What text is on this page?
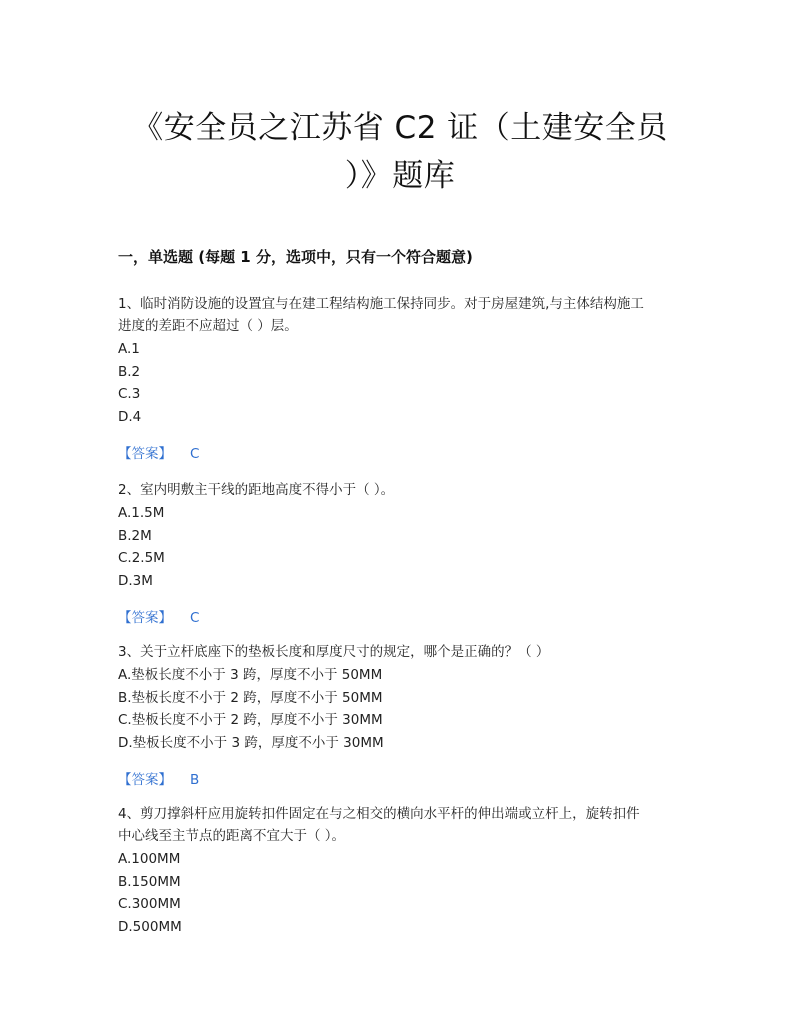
《安全员之江苏省 C2 证（土建安全员
）》题库
一，单选题 (每题 1 分，选项中，只有一个符合题意)
1、临时消防设施的设置宜与在建工程结构施工保持同步。对于房屋建筑,与主体结构施工
进度的差距不应超过（ ）层。
A.1
B.2
C.3
D.4
【答案】 C
2、室内明敷主干线的距地高度不得小于（ ）。
A.1.5M
B.2M
C.2.5M
D.3M
【答案】 C
3、关于立杆底座下的垫板长度和厚度尺寸的规定，哪个是正确的？（ ）
A.垫板长度不小于 3 跨，厚度不小于 50MM
B.垫板长度不小于 2 跨，厚度不小于 50MM
C.垫板长度不小于 2 跨，厚度不小于 30MM
D.垫板长度不小于 3 跨，厚度不小于 30MM
【答案】 B
4、剪刀撑斜杆应用旋转扣件固定在与之相交的横向水平杆的伸出端或立杆上，旋转扣件
中心线至主节点的距离不宜大于（ ）。
A.100MM
B.150MM
C.300MM
D.500MM
